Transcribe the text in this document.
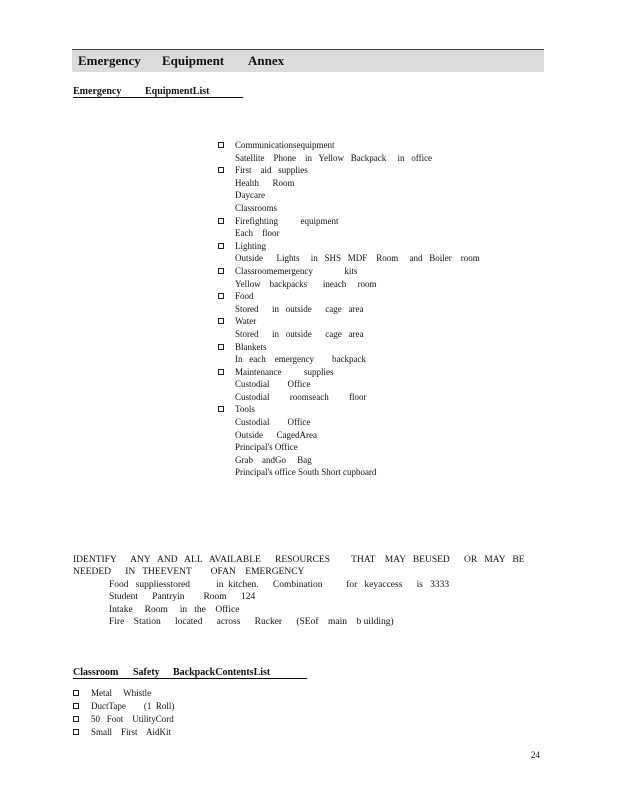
Emergency Equipment Annex
Emergency EquipmentList
Communicationsequipment
Satellite    Phone    in   Yellow   Backpack     in   office
First    aid   supplies
Health      Room
Daycare
Classrooms
Firefighting          equipment
Each    floor
Lighting
Outside      Lights     in   SHS   MDF    Room     and   Boiler    room
Classroomemergency              kits
Yellow    backpacks       ineach     room
Food
Stored      in   outside      cage   area
Water
Stored      in   outside      cage   area
Blankets
In   each    emergency        backpack
Maintenance          supplies
Custodial        Office
Custodial         roomseach         floor
Tools
Custodial        Office
Outside      CagedArea
Principal's Office
Grab    andGo     Bag
Principal's office South Short cupboard
IDENTIFY      ANY   AND   ALL   AVAILABLE      RESOURCES         THAT    MAY   BEUSED      OR   MAY   BE
NEEDED      IN   THEEVENT        OFAN    EMERGENCY
Food   suppliesstored           in  kitchen.      Combination          for   keyaccess      is   3333
Student      Pantryin        Room      124
Intake     Room     in   the    Office
Fire    Station      located      across      Rucker      (SEof    main    b uilding)
Classroom Safety BackpackContentsList
Metal     Whistle
DuctTape        (1  Roll)
50   Foot    UtilityCord
Small    First    AidKit
24
